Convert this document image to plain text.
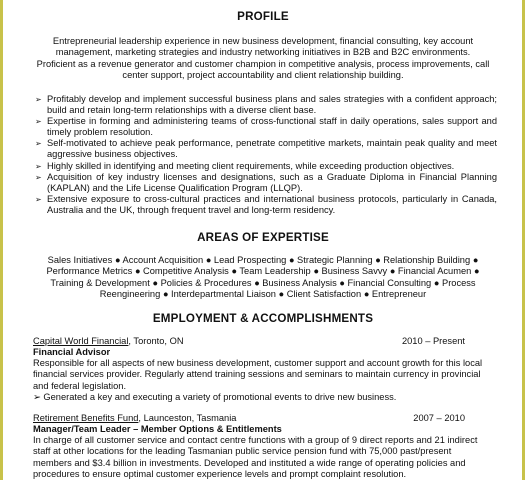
PROFILE
Entrepreneurial leadership experience in new business development, financial consulting, key account
management, marketing strategies and industry networking initiatives in B2B and B2C environments.
Proficient as a revenue generator and customer champion in competitive analysis, process improvements, call
center support, project accountability and client relationship building.
➢ Profitably develop and implement successful business plans and sales strategies with a confident approach; build and retain long-term relationships with a diverse client base.
➢ Expertise in forming and administering teams of cross-functional staff in daily operations, sales support and timely problem resolution.
➢ Self-motivated to achieve peak performance, penetrate competitive markets, maintain peak quality and meet aggressive business objectives.
➢ Highly skilled in identifying and meeting client requirements, while exceeding production objectives.
➢ Acquisition of key industry licenses and designations, such as a Graduate Diploma in Financial Planning (KAPLAN) and the Life License Qualification Program (LLQP).
➢ Extensive exposure to cross-cultural practices and international business protocols, particularly in Canada, Australia and the UK, through frequent travel and long-term residency.
AREAS OF EXPERTISE
Sales Initiatives ● Account Acquisition ● Lead Prospecting ● Strategic Planning ● Relationship Building ●
Performance Metrics ● Competitive Analysis ● Team Leadership ● Business Savvy ● Financial Acumen ●
Training & Development ● Policies & Procedures ● Business Analysis ● Financial Consulting ● Process
Reengineering ● Interdepartmental Liaison ● Client Satisfaction ● Entrepreneur
EMPLOYMENT & ACCOMPLISHMENTS
Capital World Financial, Toronto, ON	2010 – Present
Financial Advisor

Responsible for all aspects of new business development, customer support and account growth for this local

financial services provider. Regularly attend training sessions and seminars to maintain currency in provincial

and federal legislation.

➢ Generated a key and executing a variety of promotional events to drive new business.

Retirement Benefits Fund, Launceston, Tasmania	2007 – 2010
Manager/Team Leader – Member Options & Entitlements

In charge of all customer service and contact centre functions with a group of 9 direct reports and 21 indirect

staff at other locations for the leading Tasmanian public service pension fund with 75,000 past/present

members and $3.4 billion in investments. Developed and instituted a wide range of operating policies and

procedures to ensure optimal customer experience levels and prompt complaint resolution.
